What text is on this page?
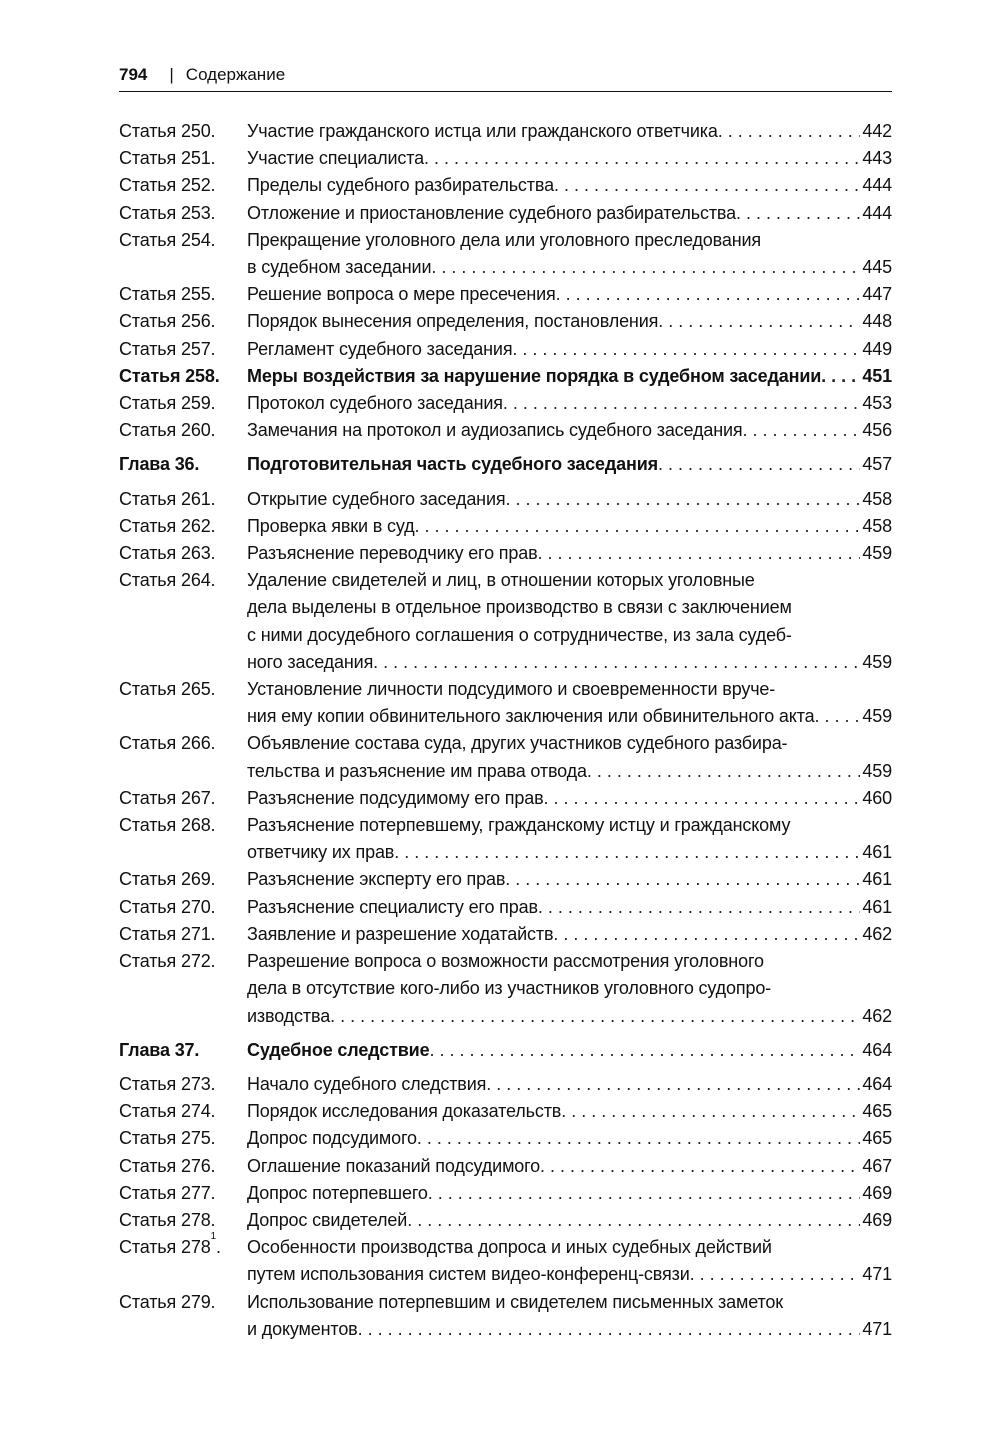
794 | Содержание
Статья 250.	Участие гражданского истца или гражданского ответчика . . .	442
Статья 251.	Участие специалиста . . .	443
Статья 252.	Пределы судебного разбирательства . . .	444
Статья 253.	Отложение и приостановление судебного разбирательства . . .	444
Статья 254.	Прекращение уголовного дела или уголовного преследования
в судебном заседании . . .	445
Статья 255.	Решение вопроса о мере пресечения . . .	447
Статья 256.	Порядок вынесения определения, постановления . . .	448
Статья 257.	Регламент судебного заседания . . .	449
Статья 258.	Меры воздействия за нарушение порядка в судебном заседании . . . 451
Статья 259.	Протокол судебного заседания . . .	453
Статья 260.	Замечания на протокол и аудиозапись судебного заседания . . .	456
Глава 36.	Подготовительная часть судебного заседания . . .	457
Статья 261.	Открытие судебного заседания . . .	458
Статья 262.	Проверка явки в суд . . .	458
Статья 263.	Разъяснение переводчику его прав . . .	459
Статья 264.	Удаление свидетелей и лиц, в отношении которых уголовные
дела выделены в отдельное производство в связи с заключением
с ними досудебного соглашения о сотрудничестве, из зала судеб-
ного заседания . . .	459
Статья 265.	Установление личности подсудимого и своевременности вруче-
ния ему копии обвинительного заключения или обвинительного акта . . .	459
Статья 266.	Объявление состава суда, других участников судебного разбира-
тельства и разъяснение им права отвода . . .	459
Статья 267.	Разъяснение подсудимому его прав . . .	460
Статья 268.	Разъяснение потерпевшему, гражданскому истцу и гражданскому
ответчику их прав . . .	461
Статья 269.	Разъяснение эксперту его прав . . .	461
Статья 270.	Разъяснение специалисту его прав . . .	461
Статья 271.	Заявление и разрешение ходатайств . . .	462
Статья 272.	Разрешение вопроса о возможности рассмотрения уголовного
дела в отсутствие кого-либо из участников уголовного судопро-
изводства . . .	462
Глава 37.	Судебное следствие . . .	464
Статья 273.	Начало судебного следствия . . .	464
Статья 274.	Порядок исследования доказательств . . .	465
Статья 275.	Допрос подсудимого . . .	465
Статья 276.	Оглашение показаний подсудимого . . .	467
Статья 277.	Допрос потерпевшего . . .	469
Статья 278.	Допрос свидетелей . . .	469
Статья $278^1$.	Особенности производства допроса и иных судебных действий
путем использования систем видео-конференц-связи . . .	471
Статья 279.	Использование потерпевшим и свидетелем письменных заметок
и документов . . .	471
